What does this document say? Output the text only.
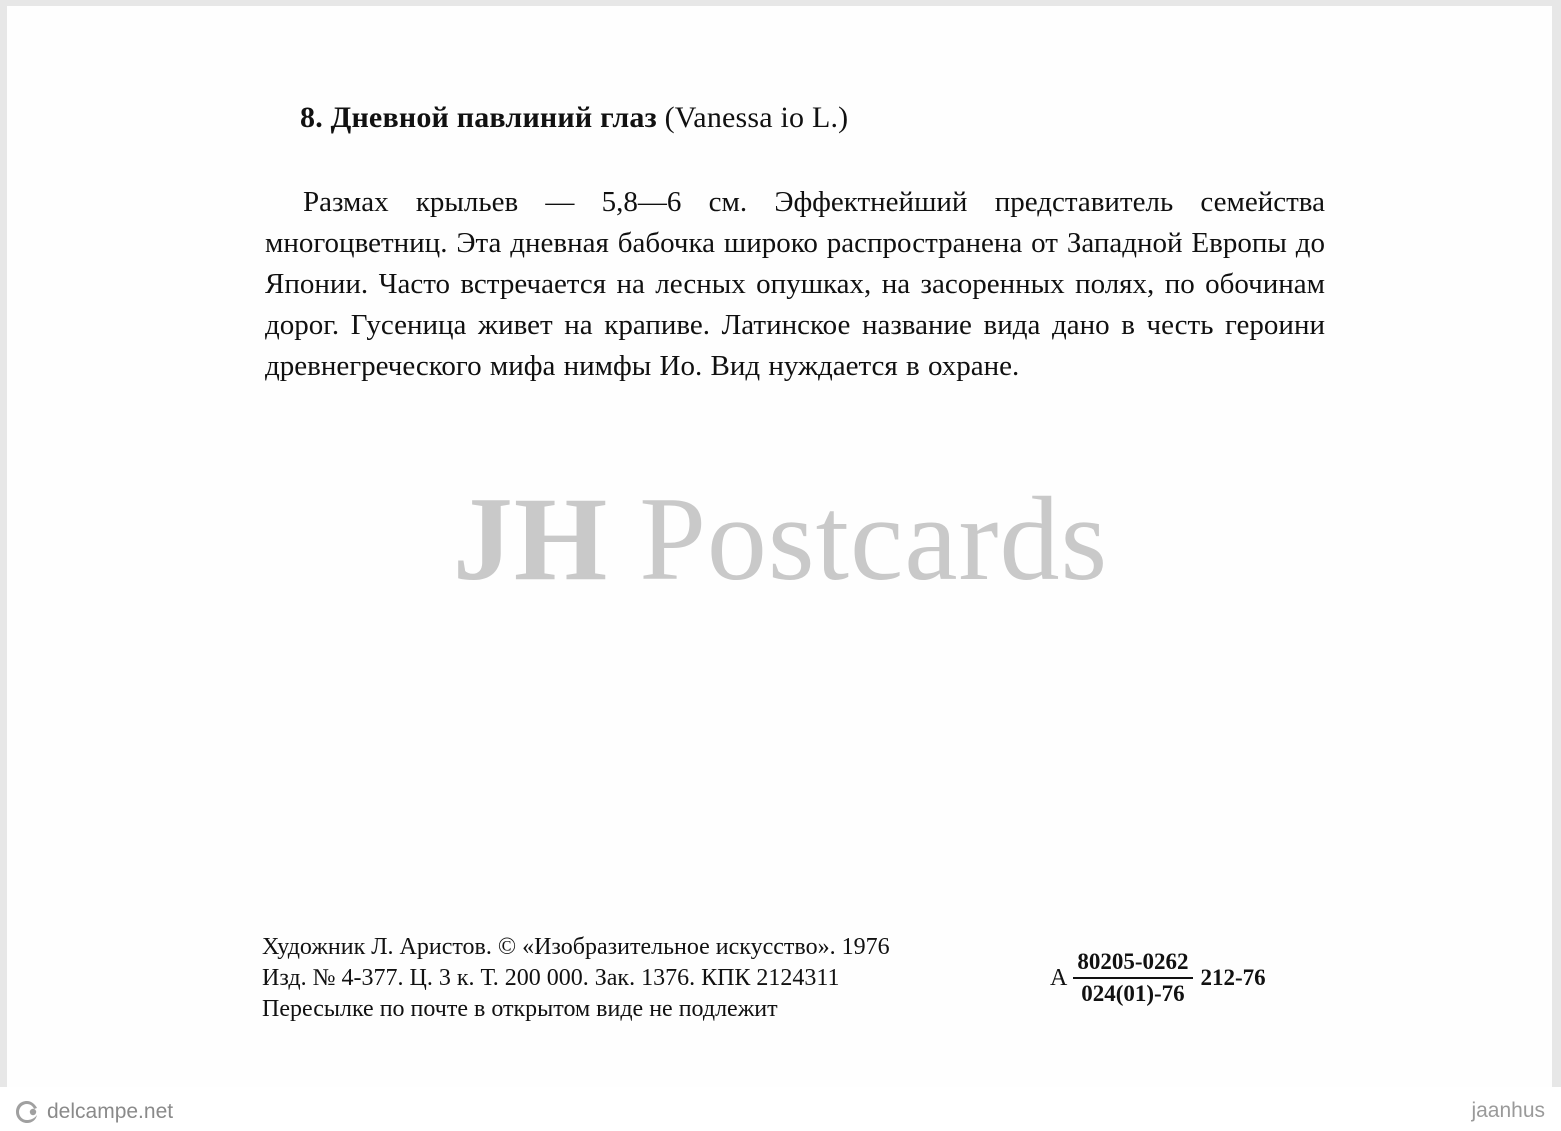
8. Дневной павлиний глаз (Vanessa io L.)
Размах крыльев — 5,8—6 см. Эффектнейший представитель семейства многоцветниц. Эта дневная бабочка широко распространена от Западной Европы до Японии. Часто встречается на лесных опушках, на засоренных полях, по обочинам дорог. Гусеница живет на крапиве. Латинское название вида дано в честь героини древнегреческого мифа нимфы Ио. Вид нуждается в охране.
JH Postcards
Художник Л. Аристов. © «Изобразительное искусство». 1976
Изд. № 4-377. Ц. 3 к. Т. 200 000. Зак. 1376. КПК 2124311
Пересылке по почте в открытом виде не подлежит
А $\frac{80205-0262}{024(01)-76} 212-76$
delcampe.net	jaanhus
